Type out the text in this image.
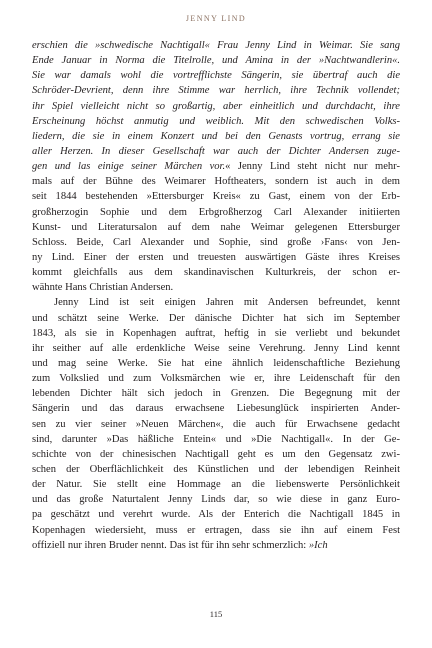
JENNY LIND
erschien die »schwedische Nachtigall« Frau Jenny Lind in Weimar. Sie sang
Ende Januar in Norma die Titelrolle, und Amina in der »Nachtwandlerin«.
Sie war damals wohl die vortrefflichste Sängerin, sie übertraf auch die
Schröder-Devrient, denn ihre Stimme war herrlich, ihre Technik vollendet;
ihr Spiel vielleicht nicht so großartig, aber einheitlich und durchdacht, ihre
Erscheinung höchst anmutig und weiblich. Mit den schwedischen Volks-
liedern, die sie in einem Konzert und bei den Genasts vortrug, errang sie
aller Herzen. In dieser Gesellschaft war auch der Dichter Andersen zuge-
gen und las einige seiner Märchen vor.« Jenny Lind steht nicht nur mehr-
mals auf der Bühne des Weimarer Hoftheaters, sondern ist auch in dem
seit 1844 bestehenden »Ettersburger Kreis« zu Gast, einem von der Erb-
großherzogin Sophie und dem Erbgroßherzog Carl Alexander initiierten
Kunst- und Literatursalon auf dem nahe Weimar gelegenen Ettersburger
Schloss. Beide, Carl Alexander und Sophie, sind große ›Fans‹ von Jen-
ny Lind. Einer der ersten und treuesten auswärtigen Gäste ihres Kreises
kommt gleichfalls aus dem skandinavischen Kulturkreis, der schon er-
wähnte Hans Christian Andersen.
Jenny Lind ist seit einigen Jahren mit Andersen befreundet, kennt
und schätzt seine Werke. Der dänische Dichter hat sich im September
1843, als sie in Kopenhagen auftrat, heftig in sie verliebt und bekundet
ihr seither auf alle erdenkliche Weise seine Verehrung. Jenny Lind kennt
und mag seine Werke. Sie hat eine ähnlich leidenschaftliche Beziehung
zum Volkslied und zum Volksmärchen wie er, ihre Leidenschaft für den
lebenden Dichter hält sich jedoch in Grenzen. Die Begegnung mit der
Sängerin und das daraus erwachsene Liebesunglück inspirierten Ander-
sen zu vier seiner »Neuen Märchen«, die auch für Erwachsene gedacht
sind, darunter »Das häßliche Entein« und »Die Nachtigall«. In der Ge-
schichte von der chinesischen Nachtigall geht es um den Gegensatz zwi-
schen der Oberflächlichkeit des Künstlichen und der lebendigen Reinheit
der Natur. Sie stellt eine Hommage an die liebenswerte Persönlichkeit
und das große Naturtalent Jenny Linds dar, so wie diese in ganz Euro-
pa geschätzt und verehrt wurde. Als der Enterich die Nachtigall 1845 in
Kopenhagen wiedersieht, muss er ertragen, dass sie ihn auf einem Fest
offiziell nur ihren Bruder nennt. Das ist für ihn sehr schmerzlich: »Ich
115
